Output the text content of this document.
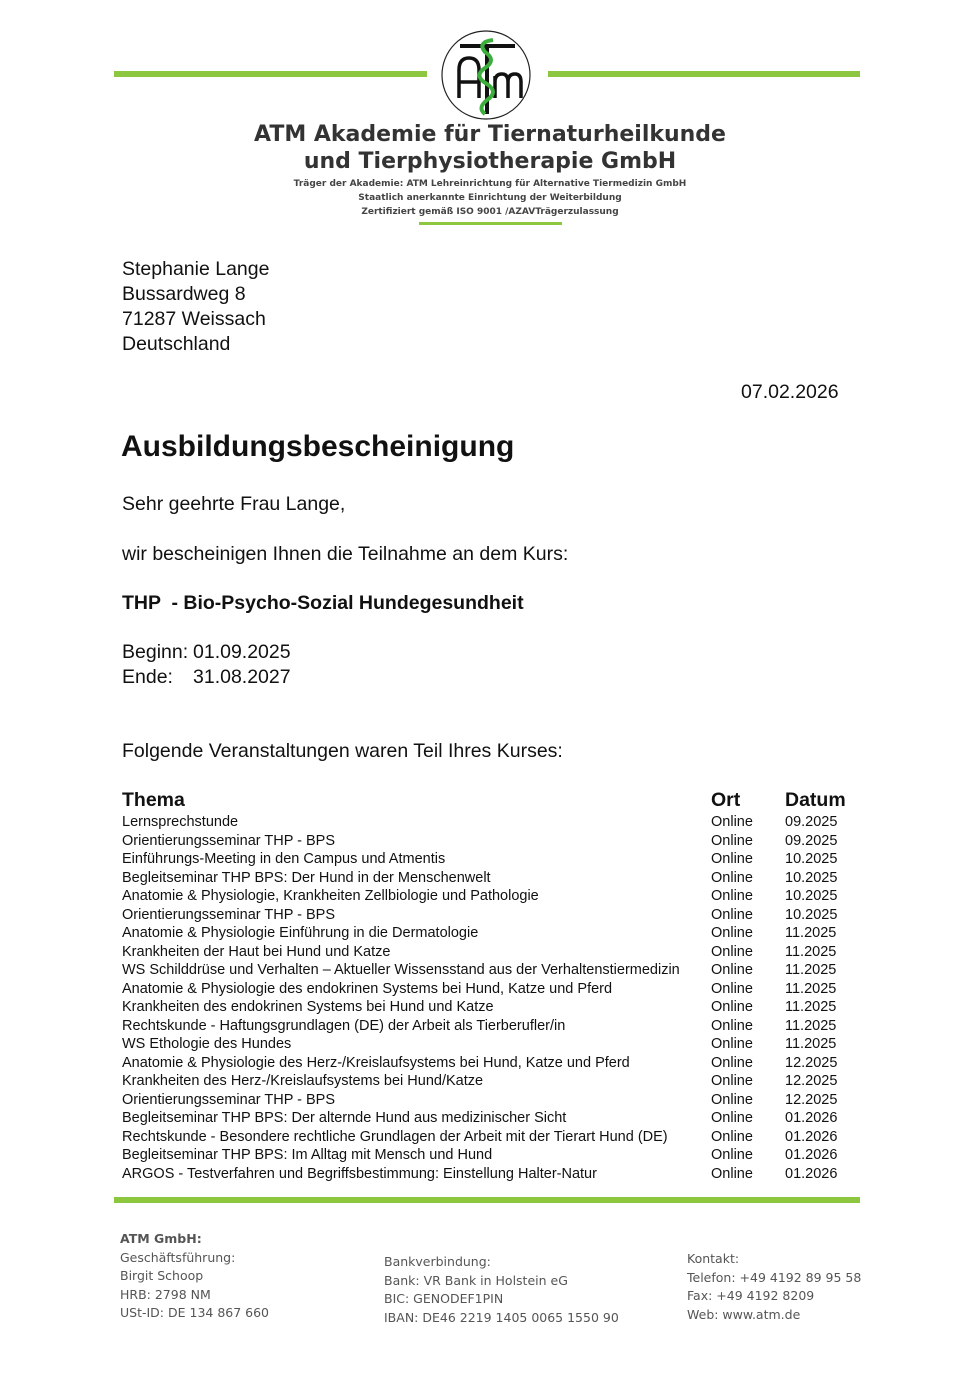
ATM Akademie für Tiernaturheilkunde
und Tierphysiotherapie GmbH
Träger der Akademie: ATM Lehreinrichtung für Alternative Tiermedizin GmbH
Staatlich anerkannte Einrichtung der Weiterbildung
Zertifiziert gemäß ISO 9001 /AZAVTrägerzulassung
Stephanie Lange
Bussardweg 8
71287 Weissach
Deutschland
07.02.2026
Ausbildungsbescheinigung
Sehr geehrte Frau Lange,
wir bescheinigen Ihnen die Teilnahme an dem Kurs:
THP  - Bio-Psycho-Sozial Hundegesundheit
Beginn: 01.09.2025
Ende: 31.08.2027
Folgende Veranstaltungen waren Teil Ihres Kurses:
Thema	Ort Datum
Lernsprechstunde	Online 09.2025
Orientierungsseminar THP - BPS	Online 09.2025
Einführungs-Meeting in den Campus und Atmentis	Online 10.2025
Begleitseminar THP BPS: Der Hund in der Menschenwelt	Online 10.2025
Anatomie & Physiologie, Krankheiten Zellbiologie und Pathologie	Online 10.2025
Orientierungsseminar THP - BPS	Online 10.2025
Anatomie & Physiologie Einführung in die Dermatologie	Online 11.2025
Krankheiten der Haut bei Hund und Katze	Online 11.2025
WS Schilddrüse und Verhalten – Aktueller Wissensstand aus der Verhaltenstiermedizin Online 11.2025
Anatomie & Physiologie des endokrinen Systems bei Hund, Katze und Pferd	Online 11.2025
Krankheiten des endokrinen Systems bei Hund und Katze	Online 11.2025
Rechtskunde - Haftungsgrundlagen (DE) der Arbeit als Tierberufler/in	Online 11.2025
WS Ethologie des Hundes	Online 11.2025
Anatomie & Physiologie des Herz-/Kreislaufsystems bei Hund, Katze und Pferd	Online 12.2025
Krankheiten des Herz-/Kreislaufsystems bei Hund/Katze	Online 12.2025
Orientierungsseminar THP - BPS	Online 12.2025
Begleitseminar THP BPS: Der alternde Hund aus medizinischer Sicht	Online 01.2026
Rechtskunde - Besondere rechtliche Grundlagen der Arbeit mit der Tierart Hund (DE)	Online 01.2026
Begleitseminar THP BPS: Im Alltag mit Mensch und Hund	Online 01.2026
ARGOS - Testverfahren und Begriffsbestimmung: Einstellung Halter-Natur	Online 01.2026
ATM GmbH:
Geschäftsführung:
Birgit Schoop
HRB: 2798 NM
USt-ID: DE 134 867 660
Bankverbindung:
Bank: VR Bank in Holstein eG
BIC: GENODEF1PIN
IBAN: DE46 2219 1405 0065 1550 90
Kontakt:
Telefon: +49 4192 89 95 58
Fax: +49 4192 8209
Web: www.atm.de
